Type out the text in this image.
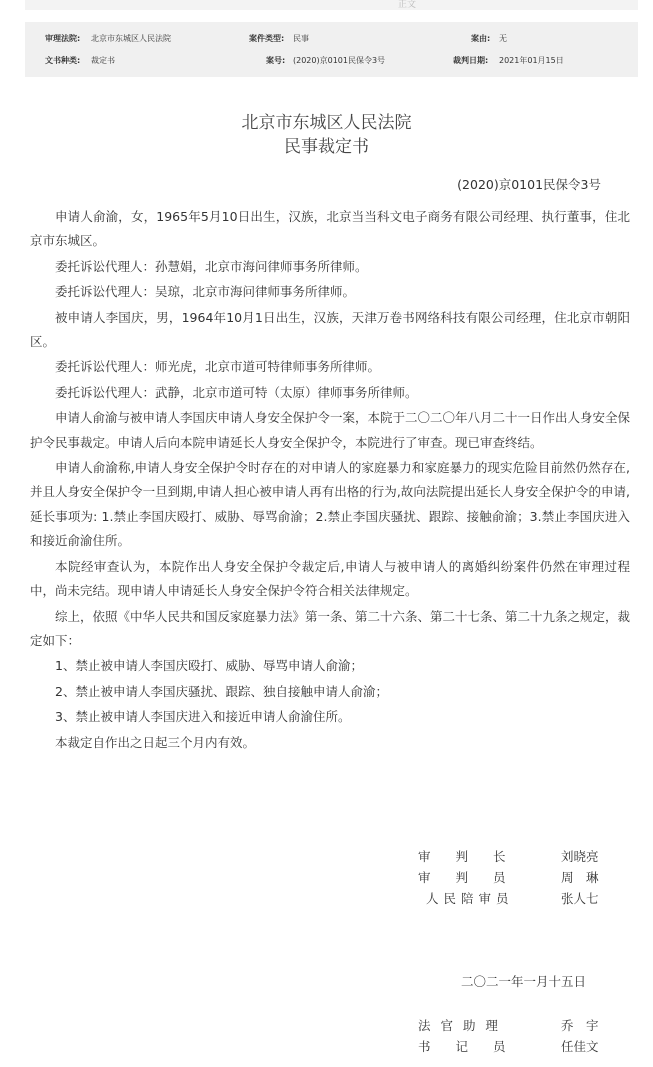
正文
审理法院: 北京市东城区人民法院	案件类型: 民事	案由: 无
文书种类: 裁定书	案号: (2020)京0101民保令3号	裁判日期: 2021年01月15日
北京市东城区人民法院
民事裁定书
(2020)京0101民保令3号

申请人俞渝，女，1965年5月10日出生，汉族，北京当当科文电子商务有限公司经理、执行董事，住北京市东城区。

委托诉讼代理人：孙慧娟，北京市海问律师事务所律师。

委托诉讼代理人：吴琼，北京市海问律师事务所律师。

被申请人李国庆，男，1964年10月1日出生，汉族，天津万卷书网络科技有限公司经理，住北京市朝阳区。

委托诉讼代理人：师光虎，北京市道可特律师事务所律师。

委托诉讼代理人：武静，北京市道可特（太原）律师事务所律师。

申请人俞渝与被申请人李国庆申请人身安全保护令一案，本院于二〇二〇年八月二十一日作出人身安全保护令民事裁定。申请人后向本院申请延长人身安全保护令，本院进行了审查。现已审查终结。

申请人俞渝称,申请人身安全保护令时存在的对申请人的家庭暴力和家庭暴力的现实危险目前然仍然存在,并且人身安全保护令一旦到期,申请人担心被申请人再有出格的行为,故向法院提出延长人身安全保护令的申请,延长事项为: 1.禁止李国庆殴打、威胁、辱骂俞渝；2.禁止李国庆骚扰、跟踪、接触俞渝；3.禁止李国庆进入和接近俞渝住所。

本院经审查认为，本院作出人身安全保护令裁定后,申请人与被申请人的离婚纠纷案件仍然在审理过程中，尚未完结。现申请人申请延长人身安全保护令符合相关法律规定。

综上，依照《中华人民共和国反家庭暴力法》第一条、第二十六条、第二十七条、第二十九条之规定，裁定如下：

1、禁止被申请人李国庆殴打、威胁、辱骂申请人俞渝；

2、禁止被申请人李国庆骚扰、跟踪、独自接触申请人俞渝；

3、禁止被申请人李国庆进入和接近申请人俞渝住所。

本裁定自作出之日起三个月内有效。

审　　判　　长	刘晓亮
审　　判　　员	周　琳
人民陪审员	张人七
二〇二一年一月十五日
法 官 助 理	乔　宇
书　　记　　员	任佳文
